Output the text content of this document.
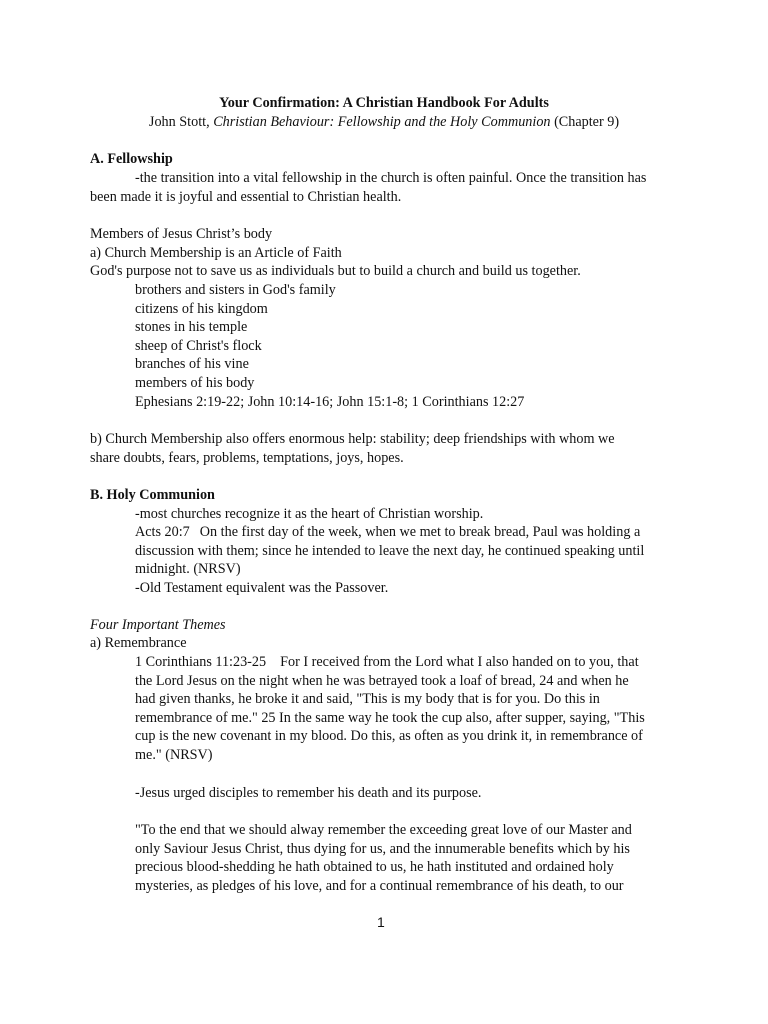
Your Confirmation: A Christian Handbook For Adults
John Stott, Christian Behaviour: Fellowship and the Holy Communion (Chapter 9)
A. Fellowship
-the transition into a vital fellowship in the church is often painful. Once the transition has
been made it is joyful and essential to Christian health.
Members of Jesus Christ’s body
a) Church Membership is an Article of Faith
God's purpose not to save us as individuals but to build a church and build us together.
brothers and sisters in God's family
citizens of his kingdom
stones in his temple
sheep of Christ's flock
branches of his vine
members of his body
Ephesians 2:19-22; John 10:14-16; John 15:1-8; 1 Corinthians 12:27
b) Church Membership also offers enormous help: stability; deep friendships with whom we
share doubts, fears, problems, temptations, joys, hopes.
B. Holy Communion
-most churches recognize it as the heart of Christian worship.
Acts 20:7 On the first day of the week, when we met to break bread, Paul was holding a
discussion with them; since he intended to leave the next day, he continued speaking until
midnight. (NRSV)
-Old Testament equivalent was the Passover.
Four Important Themes
a) Remembrance
1 Corinthians 11:23-25 For I received from the Lord what I also handed on to you, that
the Lord Jesus on the night when he was betrayed took a loaf of bread, 24 and when he
had given thanks, he broke it and said, "This is my body that is for you. Do this in
remembrance of me." 25 In the same way he took the cup also, after supper, saying, "This
cup is the new covenant in my blood. Do this, as often as you drink it, in remembrance of
me." (NRSV)
-Jesus urged disciples to remember his death and its purpose.
"To the end that we should alway remember the exceeding great love of our Master and
only Saviour Jesus Christ, thus dying for us, and the innumerable benefits which by his
precious blood-shedding he hath obtained to us, he hath instituted and ordained holy
mysteries, as pledges of his love, and for a continual remembrance of his death, to our
1
